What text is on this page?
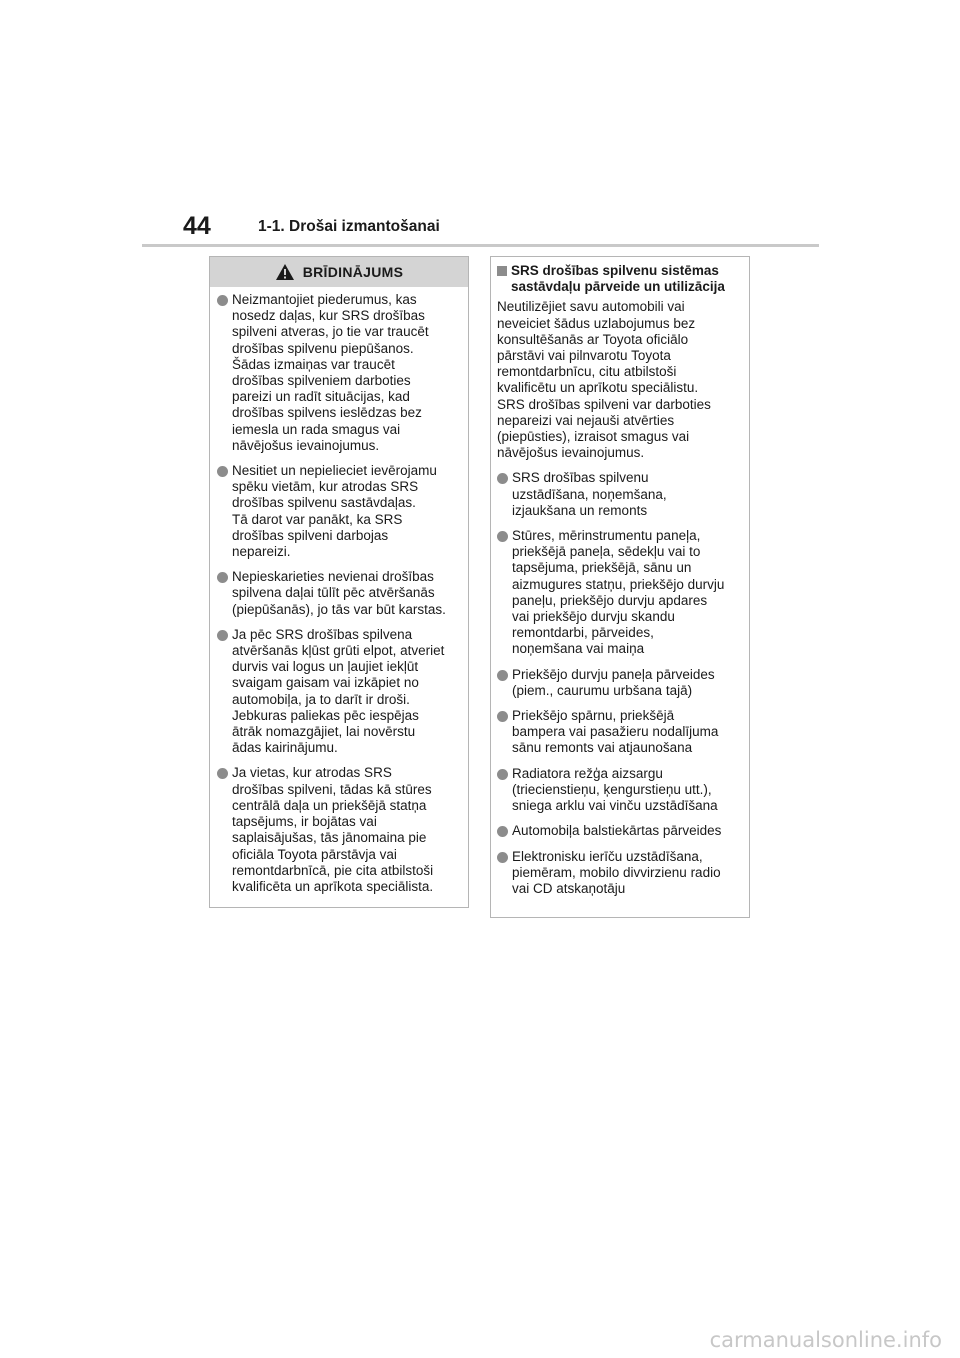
44	1-1. Drošai izmantošanai
BRĪDINĀJUMS
Neizmantojiet piederumus, kas
nosedz daļas, kur SRS drošības
spilveni atveras, jo tie var traucēt
drošības spilvenu piepūšanos.
Šādas izmaiņas var traucēt
drošības spilveniem darboties
pareizi un radīt situācijas, kad
drošības spilvens ieslēdzas bez
iemesla un rada smagus vai
nāvējošus ievainojumus.
Nesitiet un nepielieciet ievērojamu
spēku vietām, kur atrodas SRS
drošības spilvenu sastāvdaļas.
Tā darot var panākt, ka SRS
drošības spilveni darbojas
nepareizi.
Nepieskarieties nevienai drošības
spilvena daļai tūlīt pēc atvēršanās
(piepūšanās), jo tās var būt karstas.
Ja pēc SRS drošības spilvena
atvēršanās kļūst grūti elpot, atveriet
durvis vai logus un ļaujiet iekļūt
svaigam gaisam vai izkāpiet no
automobiļa, ja to darīt ir droši.
Jebkuras paliekas pēc iespējas
ātrāk nomazgājiet, lai novērstu
ādas kairinājumu.
Ja vietas, kur atrodas SRS
drošības spilveni, tādas kā stūres
centrālā daļa un priekšējā statņa
tapsējums, ir bojātas vai
saplaisājušas, tās jānomaina pie
oficiāla Toyota pārstāvja vai
remontdarbnīcā, pie cita atbilstoši
kvalificēta un aprīkota speciālista.
SRS drošības spilvenu sistēmas
sastāvdaļu pārveide un utilizācija
Neutilizējiet savu automobili vai
neveiciet šādus uzlabojumus bez
konsultēšanās ar Toyota oficiālo
pārstāvi vai pilnvarotu Toyota
remontdarbnīcu, citu atbilstoši
kvalificētu un aprīkotu speciālistu.
SRS drošības spilveni var darboties
nepareizi vai nejauši atvērties
(piepūsties), izraisot smagus vai
nāvējošus ievainojumus.
SRS drošības spilvenu
uzstādīšana, noņemšana,
izjaukšana un remonts
Stūres, mērinstrumentu paneļa,
priekšējā paneļa, sēdekļu vai to
tapsējuma, priekšējā, sānu un
aizmugures statņu, priekšējo durvju
paneļu, priekšējo durvju apdares
vai priekšējo durvju skandu
remontdarbi, pārveides,
noņemšana vai maiņa
Priekšējo durvju paneļa pārveides
(piem., caurumu urbšana tajā)
Priekšējo spārnu, priekšējā
bampera vai pasažieru nodalījuma
sānu remonts vai atjaunošana
Radiatora režģa aizsargu
(triecienstieņu, ķengurstieņu utt.),
sniega arklu vai vinču uzstādīšana
Automobiļa balstiekārtas pārveides
Elektronisku ierīču uzstādīšana,
piemēram, mobilo divvirzienu radio
vai CD atskaņotāju
carmanualsonline.info
